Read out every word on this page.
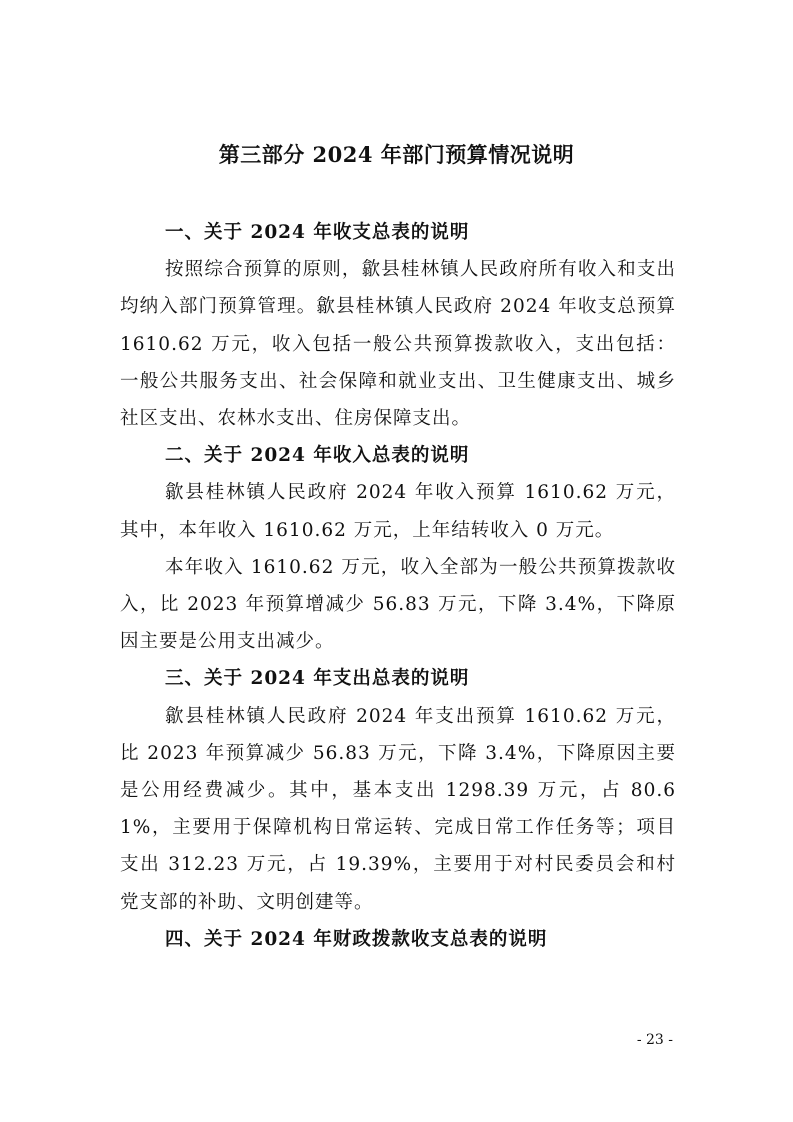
第三部分 2024 年部门预算情况说明

一、关于 2024 年收支总表的说明

按照综合预算的原则，歙县桂林镇人民政府所有收入和支出均纳入部门预算管理。歙县桂林镇人民政府 2024 年收支总预算 1610.62 万元，收入包括一般公共预算拨款收入，支出包括：一般公共服务支出、社会保障和就业支出、卫生健康支出、城乡社区支出、农林水支出、住房保障支出。

二、关于 2024 年收入总表的说明

歙县桂林镇人民政府 2024 年收入预算 1610.62 万元，其中，本年收入 1610.62 万元，上年结转收入 0 万元。

本年收入 1610.62 万元，收入全部为一般公共预算拨款收入，比 2023 年预算增减少 56.83 万元，下降 3.4%，下降原因主要是公用支出减少。

三、关于 2024 年支出总表的说明

歙县桂林镇人民政府 2024 年支出预算 1610.62 万元，比 2023 年预算减少 56.83 万元，下降 3.4%，下降原因主要是公用经费减少。其中，基本支出 1298.39 万元，占 80.61%，主要用于保障机构日常运转、完成日常工作任务等；项目支出 312.23 万元，占 19.39%，主要用于对村民委员会和村党支部的补助、文明创建等。

四、关于 2024 年财政拨款收支总表的说明

- 23 -
